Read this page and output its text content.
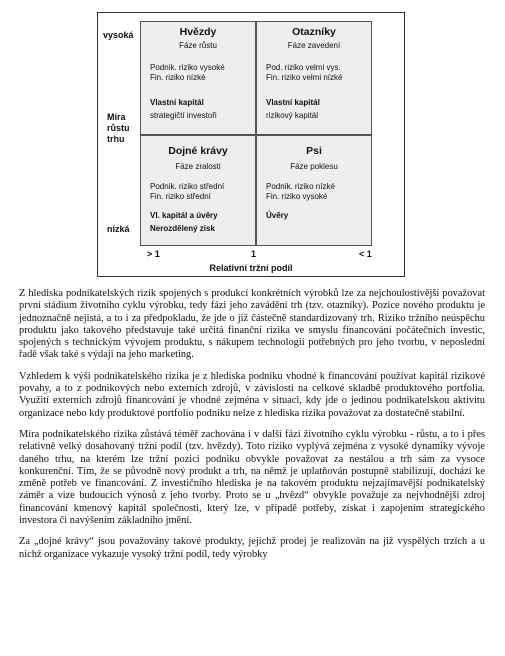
vysoká
Míra
růstu
trhu
nízká
Hvězdy
Fáze růstu
Podnik. riziko vysoké
Fin. riziko nízké
Vlastní kapitál
strategičtí investoři
Otazníky
Fáze zavedení
Pod. riziko velmi vys.
Fin. riziko velmi nízké
Vlastní kapitál
rizikový kapitál
Dojné krávy
Fáze zralosti
Podnik. riziko střední
Fin. riziko střední
Vl. kapitál a úvěry
Nerozdělený zisk
Psi
Fáze poklesu
Podnik. riziko nízké
Fin. riziko vysoké
Úvěry
> 1	1	< 1
Relativní tržní podíl

Z hlediska podnikatelských rizik spojených s produkcí konkrétních výrobků lze za nejchoulostivější považovat první stádium životního cyklu výrobku, tedy fázi jeho zavádění trh (tzv. otazníky). Pozice nového produktu je jednoznačně nejistá, a to i za předpokladu, že jde o již částečně standardizovaný trh. Riziko tržního neúspěchu produktu jako takového představuje také určitá finanční rizika ve smyslu financování počátečních investic, spojených s technickým vývojem produktu, s nákupem technologií potřebných pro jeho tvorbu, v neposlední řadě však také s výdaji na jeho marketing.

Vzhledem k výši podnikatelského rizika je z hlediska podniku vhodné k financování používat kapitál rizikové povahy, a to z podnikových nebo externích zdrojů, v závislosti na celkové skladbě produktového portfolia. Využití externích zdrojů financování je vhodné zejména v situaci, kdy jde o jedinou podnikatelskou aktivitu organizace nebo kdy produktové portfolio podniku nelze z hlediska rizika považovat za dostatečně stabilní.

Míra podnikatelského rizika zůstává téměř zachována i v další fázi životního cyklu výrobku - růstu, a to i přes relativně velký dosahovaný tržní podíl (tzv. hvězdy). Toto riziko vyplývá zejména z vysoké dynamiky vývoje daného trhu, na kterém lze tržní pozici podniku obvykle považovat za nestálou a trh sám za vysoce konkurenční. Tím, že se původně nový produkt a trh, na němž je uplatňován postupně stabilizují, dochází ke změně potřeb ve financování. Z investičního hlediska je na takovém produktu nejzajímavější podnikatelský záměr a vize budoucích výnosů z jeho tvorby. Proto se u „hvězd“ obvykle považuje za nejvhodnější zdroj financování kmenový kapitál společnosti, který lze, v případě potřeby, získat i zapojením strategického investora či navýšením základního jmění.

Za „dojné krávy“ jsou považovány takové produkty, jejichž prodej je realizován na již vyspělých trzích a u nichž organizace vykazuje vysoký tržní podíl, tedy výrobky
